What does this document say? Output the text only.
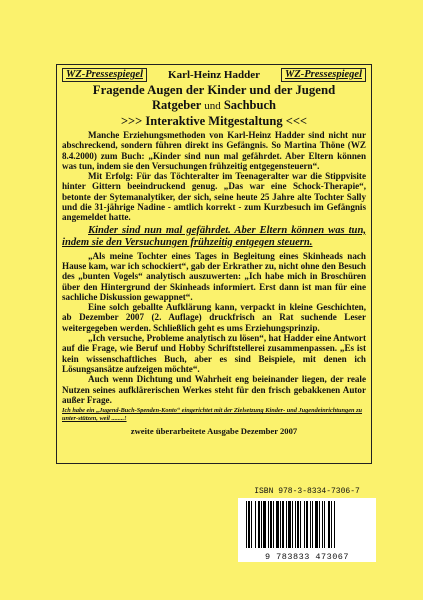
WZ-Pressespiegel	Karl-Heinz Hadder	WZ-Pressespiegel
Fragende Augen der Kinder und der Jugend
Ratgeber und Sachbuch
>>> Interaktive Mitgestaltung <<<

Manche Erziehungsmethoden von Karl-Heinz Hadder sind nicht nur abschreckend, sondern führen direkt ins Gefängnis. So Martina Thöne (WZ 8.4.2000) zum Buch: „Kinder sind nun mal gefährdet. Aber Eltern können was tun, indem sie den Versuchungen frühzeitig entgegensteuern“.

Mit Erfolg: Für das Töchteralter im Teenageralter war die Stippvisite hinter Gittern beeindruckend genug. „Das war eine Schock-Therapie“, betonte der Sytemanalytiker, der sich, seine heute 25 Jahre alte Tochter Sally und die 31-jährige Nadine - amtlich korrekt - zum Kurzbesuch im Gefängnis angemeldet hatte.

Kinder sind nun mal gefährdet. Aber Eltern können was tun, indem sie den Versuchungen frühzeitig entgegen steuern.

„Als meine Tochter eines Tages in Begleitung eines Skinheads nach Hause kam, war ich schockiert“, gab der Erkrather zu, nicht ohne den Besuch des „bunten Vogels“ analytisch auszuwerten: „Ich habe mich in Broschüren über den Hintergrund der Skinheads informiert. Erst dann ist man für eine sachliche Diskussion gewappnet“.

Eine solch geballte Aufklärung kann, verpackt in kleine Geschichten, ab Dezember 2007 (2. Auflage) druckfrisch an Rat suchende Leser weitergegeben werden. Schließlich geht es ums Erziehungsprinzip.

„Ich versuche, Probleme analytisch zu lösen“, hat Hadder eine Antwort auf die Frage, wie Beruf und Hobby Schriftstellerei zusammenpassen. „Es ist kein wissenschaftliches Buch, aber es sind Beispiele, mit denen ich Lösungsansätze aufzeigen möchte“.

Auch wenn Dichtung und Wahrheit eng beieinander liegen, der reale Nutzen seines aufklärerischen Werkes steht für den frisch gebakkenen Autor außer Frage.

Ich habe ein „Jugend-Buch-Spenden-Konto“ eingerichtet mit der Zielsetzung Kinder- und Jugendeinrichtungen zu unter-stützen, weil ........!

zweite überarbeitete Ausgabe Dezember 2007

ISBN 978-3-8334-7306-7
9 783833 473067
